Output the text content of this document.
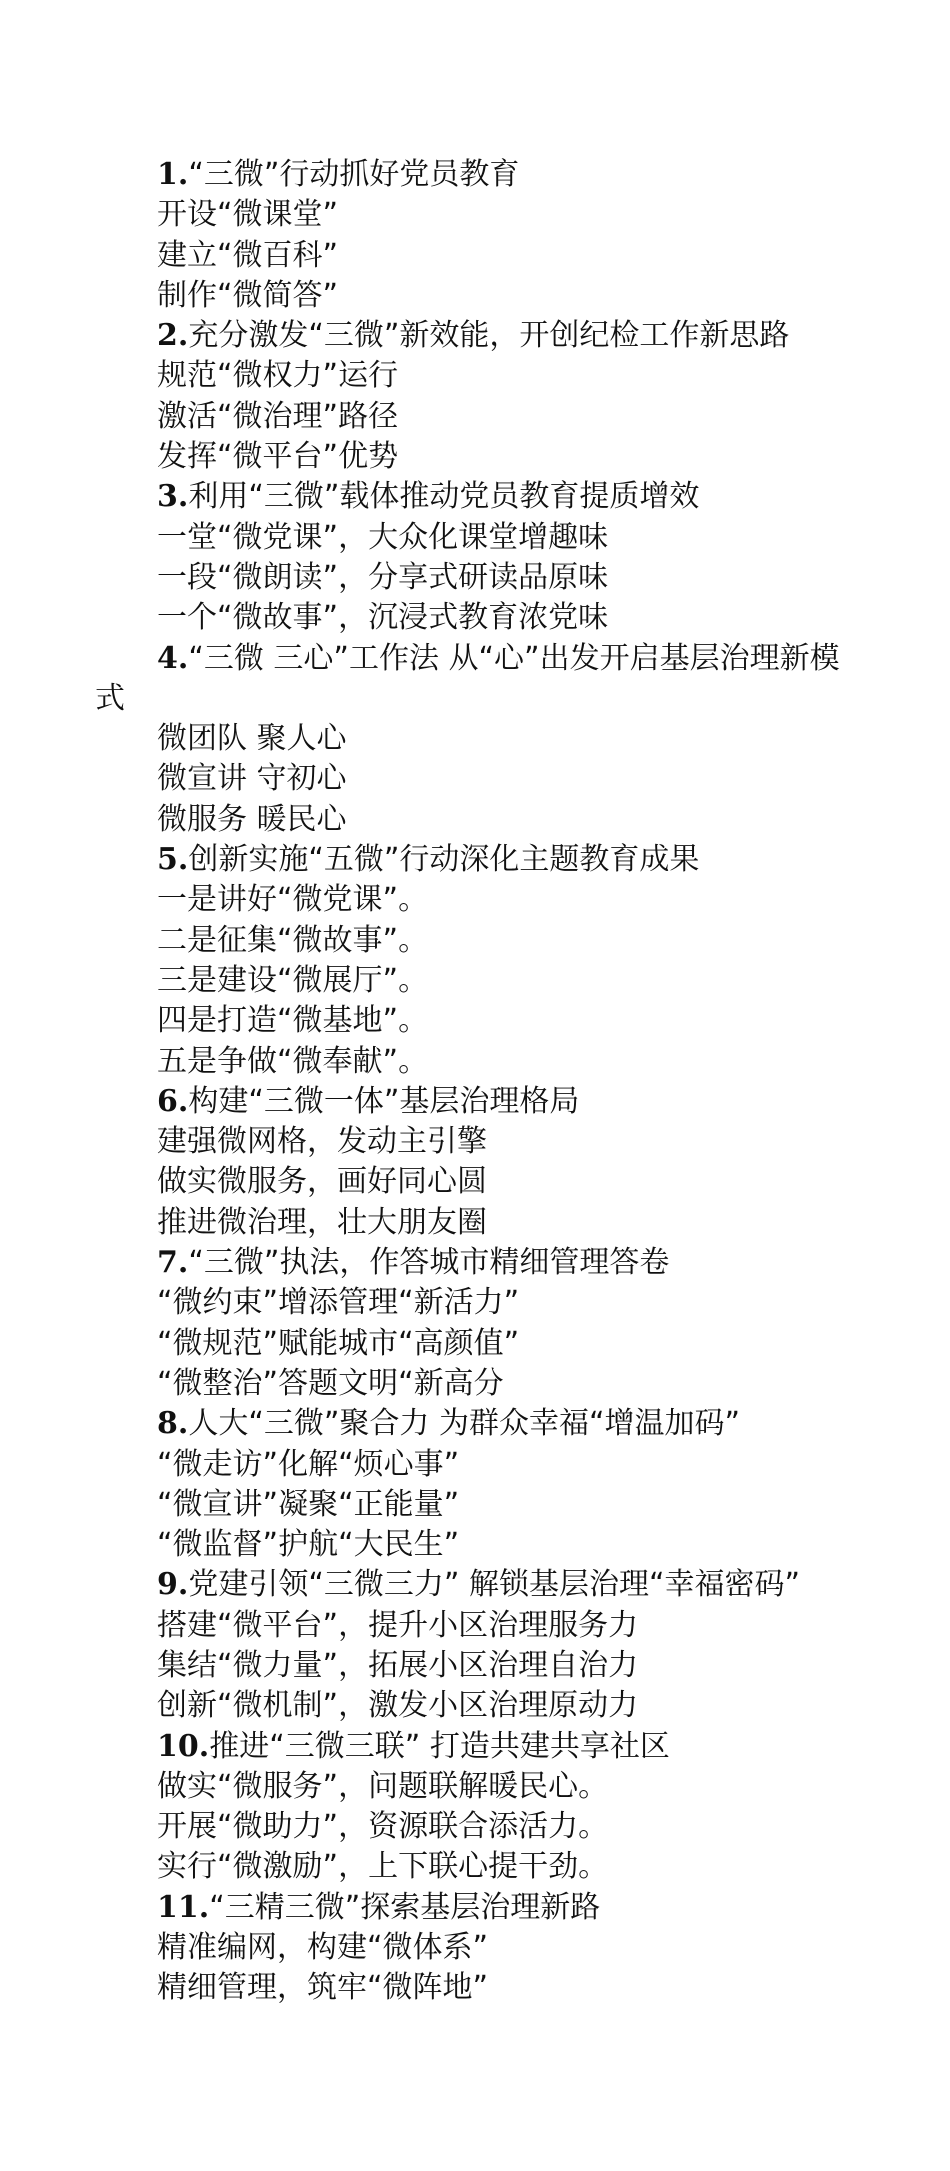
1.“三微”行动抓好党员教育
开设“微课堂”
建立“微百科”
制作“微简答”
2.充分激发“三微”新效能，开创纪检工作新思路
规范“微权力”运行
激活“微治理”路径
发挥“微平台”优势
3.利用“三微”载体推动党员教育提质增效
一堂“微党课”，大众化课堂增趣味
一段“微朗读”，分享式研读品原味
一个“微故事”，沉浸式教育浓党味
4.“三微 三心”工作法 从“心”出发开启基层治理新模式
微团队 聚人心
微宣讲 守初心
微服务 暖民心
5.创新实施“五微”行动深化主题教育成果
一是讲好“微党课”。
二是征集“微故事”。
三是建设“微展厅”。
四是打造“微基地”。
五是争做“微奉献”。
6.构建“三微一体”基层治理格局
建强微网格，发动主引擎
做实微服务，画好同心圆
推进微治理，壮大朋友圈
7.“三微”执法，作答城市精细管理答卷
“微约束”增添管理“新活力”
“微规范”赋能城市“高颜值”
“微整治”答题文明“新高分
8.人大“三微”聚合力 为群众幸福“增温加码”
“微走访”化解“烦心事”
“微宣讲”凝聚“正能量”
“微监督”护航“大民生”
9.党建引领“三微三力” 解锁基层治理“幸福密码”
搭建“微平台”，提升小区治理服务力
集结“微力量”，拓展小区治理自治力
创新“微机制”，激发小区治理原动力
10.推进“三微三联” 打造共建共享社区
做实“微服务”，问题联解暖民心。
开展“微助力”，资源联合添活力。
实行“微激励”，上下联心提干劲。
11.“三精三微”探索基层治理新路
精准编网，构建“微体系”
精细管理，筑牢“微阵地”
